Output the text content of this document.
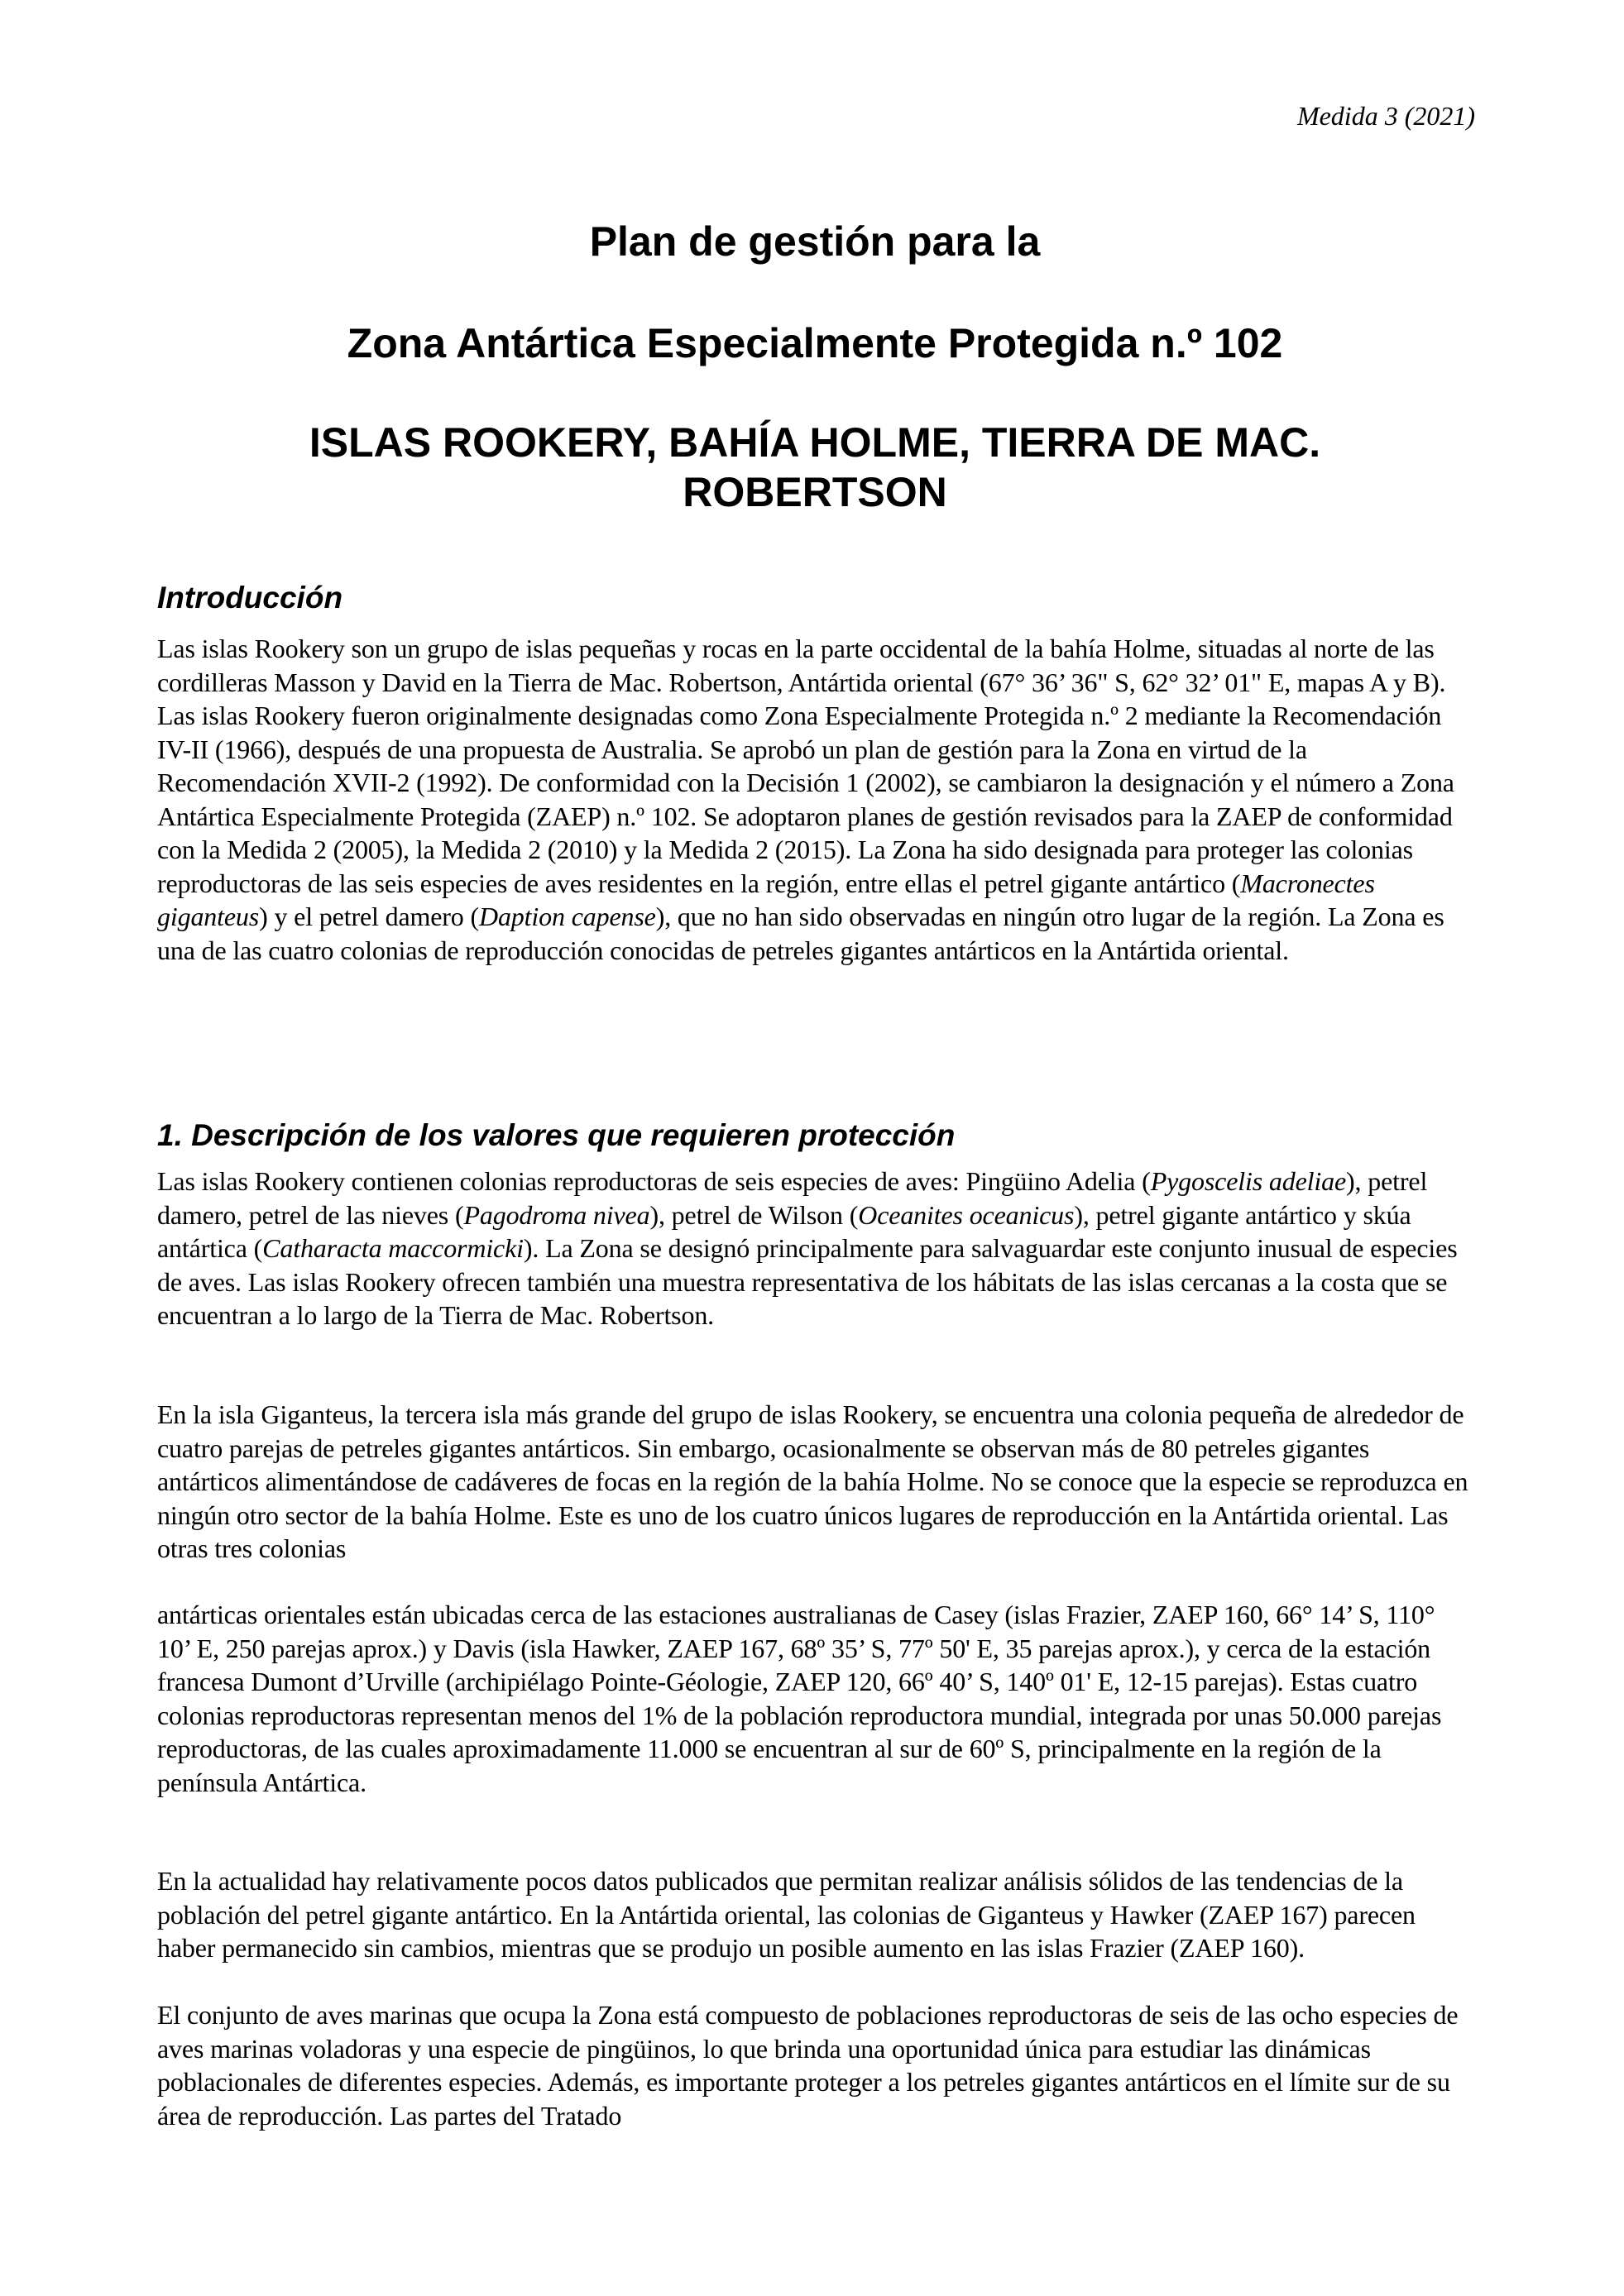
Medida 3 (2021)
Plan de gestión para la
Zona Antártica Especialmente Protegida n.º 102
ISLAS ROOKERY, BAHÍA HOLME, TIERRA DE MAC. ROBERTSON
Introducción

Las islas Rookery son un grupo de islas pequeñas y rocas en la parte occidental de la bahía Holme, situadas al norte de las cordilleras Masson y David en la Tierra de Mac. Robertson, Antártida oriental (67° 36’ 36" S, 62° 32’ 01" E, mapas A y B). Las islas Rookery fueron originalmente designadas como Zona Especialmente Protegida n.º 2 mediante la Recomendación IV-II (1966), después de una propuesta de Australia. Se aprobó un plan de gestión para la Zona en virtud de la Recomendación XVII-2 (1992). De conformidad con la Decisión 1 (2002), se cambiaron la designación y el número a Zona Antártica Especialmente Protegida (ZAEP) n.º 102. Se adoptaron planes de gestión revisados para la ZAEP de conformidad con la Medida 2 (2005), la Medida 2 (2010) y la Medida 2 (2015). La Zona ha sido designada para proteger las colonias reproductoras de las seis especies de aves residentes en la región, entre ellas el petrel gigante antártico (Macronectes giganteus) y el petrel damero (Daption capense), que no han sido observadas en ningún otro lugar de la región. La Zona es una de las cuatro colonias de reproducción conocidas de petreles gigantes antárticos en la Antártida oriental.

1. Descripción de los valores que requieren protección

Las islas Rookery contienen colonias reproductoras de seis especies de aves: Pingüino Adelia (Pygoscelis adeliae), petrel damero, petrel de las nieves (Pagodroma nivea), petrel de Wilson (Oceanites oceanicus), petrel gigante antártico y skúa antártica (Catharacta maccormicki). La Zona se designó principalmente para salvaguardar este conjunto inusual de especies de aves. Las islas Rookery ofrecen también una muestra representativa de los hábitats de las islas cercanas a la costa que se encuentran a lo largo de la Tierra de Mac. Robertson.

En la isla Giganteus, la tercera isla más grande del grupo de islas Rookery, se encuentra una colonia pequeña de alrededor de cuatro parejas de petreles gigantes antárticos. Sin embargo, ocasionalmente se observan más de 80 petreles gigantes antárticos alimentándose de cadáveres de focas en la región de la bahía Holme. No se conoce que la especie se reproduzca en ningún otro sector de la bahía Holme. Este es uno de los cuatro únicos lugares de reproducción en la Antártida oriental. Las otras tres colonias

antárticas orientales están ubicadas cerca de las estaciones australianas de Casey (islas Frazier, ZAEP 160, 66° 14’ S, 110° 10’ E, 250 parejas aprox.) y Davis (isla Hawker, ZAEP 167, 68º 35’ S, 77º 50' E, 35 parejas aprox.), y cerca de la estación francesa Dumont d’Urville (archipiélago Pointe-Géologie, ZAEP 120, 66º 40’ S, 140º 01' E, 12-15 parejas). Estas cuatro colonias reproductoras representan menos del 1% de la población reproductora mundial, integrada por unas 50.000 parejas reproductoras, de las cuales aproximadamente 11.000 se encuentran al sur de 60º S, principalmente en la región de la península Antártica.

En la actualidad hay relativamente pocos datos publicados que permitan realizar análisis sólidos de las tendencias de la población del petrel gigante antártico. En la Antártida oriental, las colonias de Giganteus y Hawker (ZAEP 167) parecen haber permanecido sin cambios, mientras que se produjo un posible aumento en las islas Frazier (ZAEP 160).

El conjunto de aves marinas que ocupa la Zona está compuesto de poblaciones reproductoras de seis de las ocho especies de aves marinas voladoras y una especie de pingüinos, lo que brinda una oportunidad única para estudiar las dinámicas poblacionales de diferentes especies. Además, es importante proteger a los petreles gigantes antárticos en el límite sur de su área de reproducción. Las partes del Tratado
